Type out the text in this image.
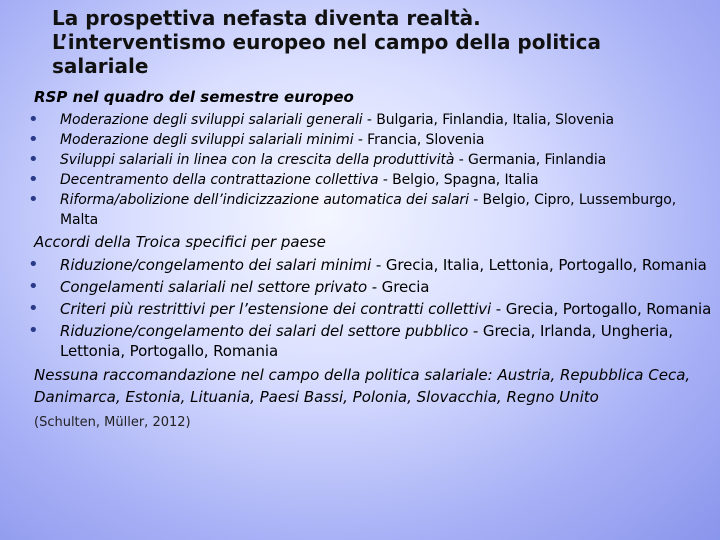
La prospettiva nefasta diventa realtà.
L’interventismo europeo nel campo della politica
salariale
RSP nel quadro del semestre europeo
• Moderazione degli sviluppi salariali generali - Bulgaria, Finlandia, Italia, Slovenia
• Moderazione degli sviluppi salariali minimi - Francia, Slovenia
• Sviluppi salariali in linea con la crescita della produttività - Germania, Finlandia
• Decentramento della contrattazione collettiva - Belgio, Spagna, Italia
• Riforma/abolizione dell’indicizzazione automatica dei salari - Belgio, Cipro, Lussemburgo, Malta
Accordi della Troica specifici per paese
• Riduzione/congelamento dei salari minimi - Grecia, Italia, Lettonia, Portogallo, Romania
• Congelamenti salariali nel settore privato - Grecia
• Criteri più restrittivi per l’estensione dei contratti collettivi - Grecia, Portogallo, Romania
• Riduzione/congelamento dei salari del settore pubblico - Grecia, Irlanda, Ungheria, Lettonia, Portogallo, Romania
Nessuna raccomandazione nel campo della politica salariale: Austria, Repubblica Ceca, Danimarca, Estonia, Lituania, Paesi Bassi, Polonia, Slovacchia, Regno Unito
(Schulten, Müller, 2012)
